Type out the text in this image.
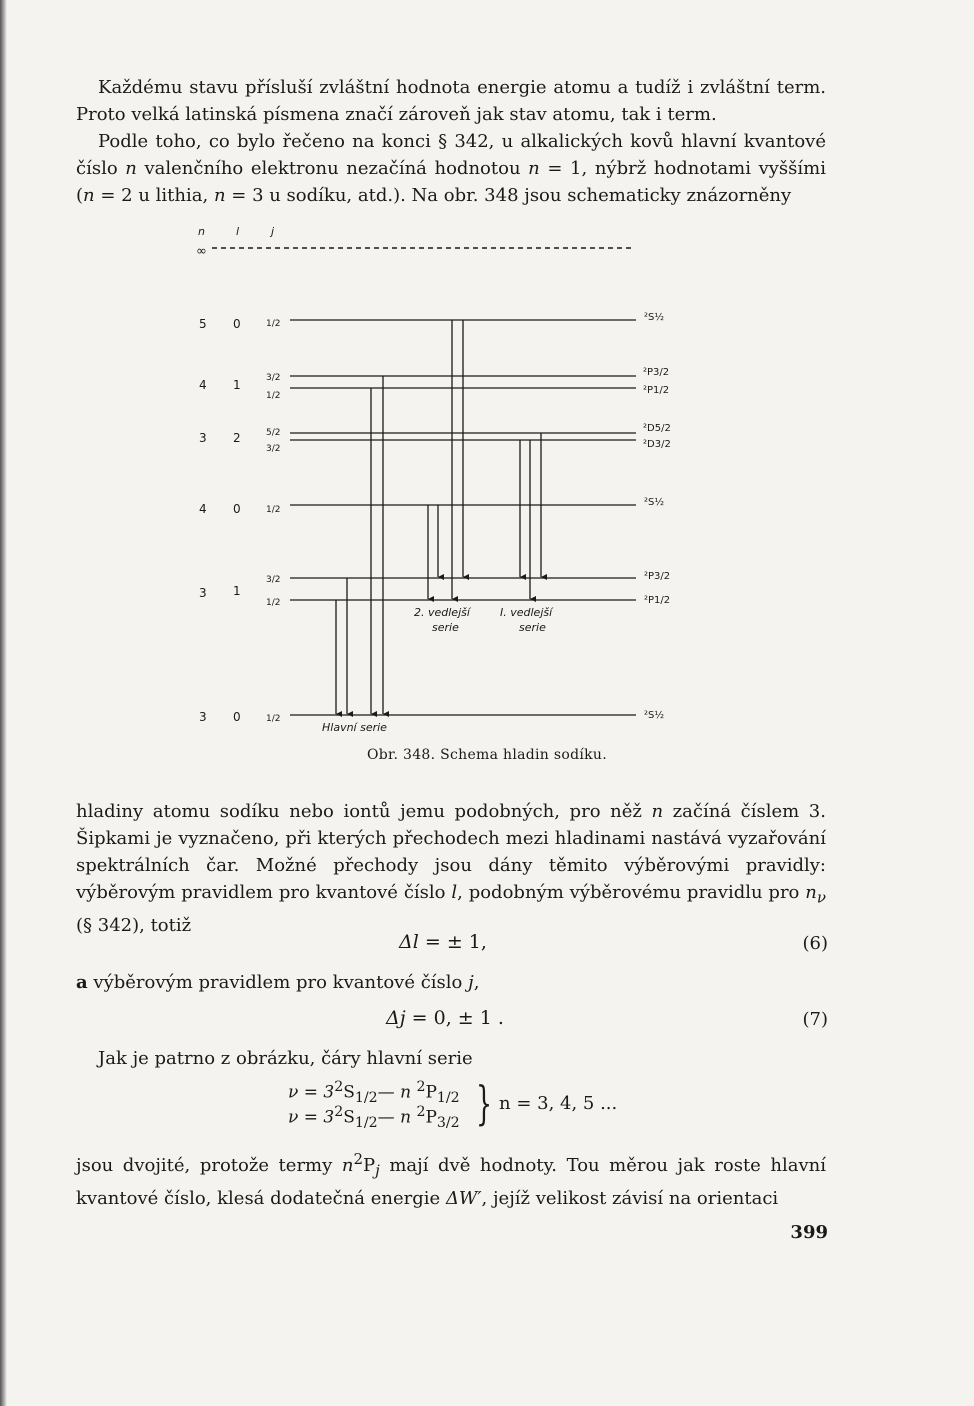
Každému stavu přísluší zvláštní hodnota energie atomu a tudíž i zvláštní term. Proto velká latinská písmena značí zároveň jak stav atomu, tak i term.

Podle toho, co bylo řečeno na konci § 342, u alkalických kovů hlavní kvantové číslo n valenčního elektronu nezačíná hodnotou n = 1, nýbrž hodnotami vyššími (n = 2 u lithia, n = 3 u sodíku, atd.). Na obr. 348 jsou schematicky znázorněny

n	l	j
∞
5 0
4 1
3 2
4 0
3 1
3 0
1/2
3/2
1/2
5/2
3/2
1/2
3/2
1/2
1/2
²S½
²P3/2
²P1/2
²D5/2
²D3/2
²S½
²P3/2
²P1/2
²S½
2. vedlejší
serie
I. vedlejší
serie
Hlavní serie
Obr. 348. Schema hladin sodíku.

hladiny atomu sodíku nebo iontů jemu podobných, pro něž n začíná číslem 3. Šipkami je vyznačeno, při kterých přechodech mezi hladinami nastává vyzařování spektrálních čar. Možné přechody jsou dány těmito výběrovými pravidly: výběrovým pravidlem pro kvantové číslo l, podobným výběrovému pravidlu pro $n_\nu$ (§ 342), totiž

Δl = ± 1,	(6)

a výběrovým pravidlem pro kvantové číslo j,

Δj = 0, ± 1 .	(7)

Jak je patrno z obrázku, čáry hlavní serie

$\nu = 3^2S_{1/2}—$ n $^2P_{1/2}$
$\nu = 3^2S_{1/2}—$ n $^2P_{3/2}$ } n = 3, 4, 5 ...

jsou dvojité, protože termy $n^2P_j$ mají dvě hodnoty. Tou měrou jak roste hlavní kvantové číslo, klesá dodatečná energie ΔW′, jejíž velikost závisí na orientaci

399
